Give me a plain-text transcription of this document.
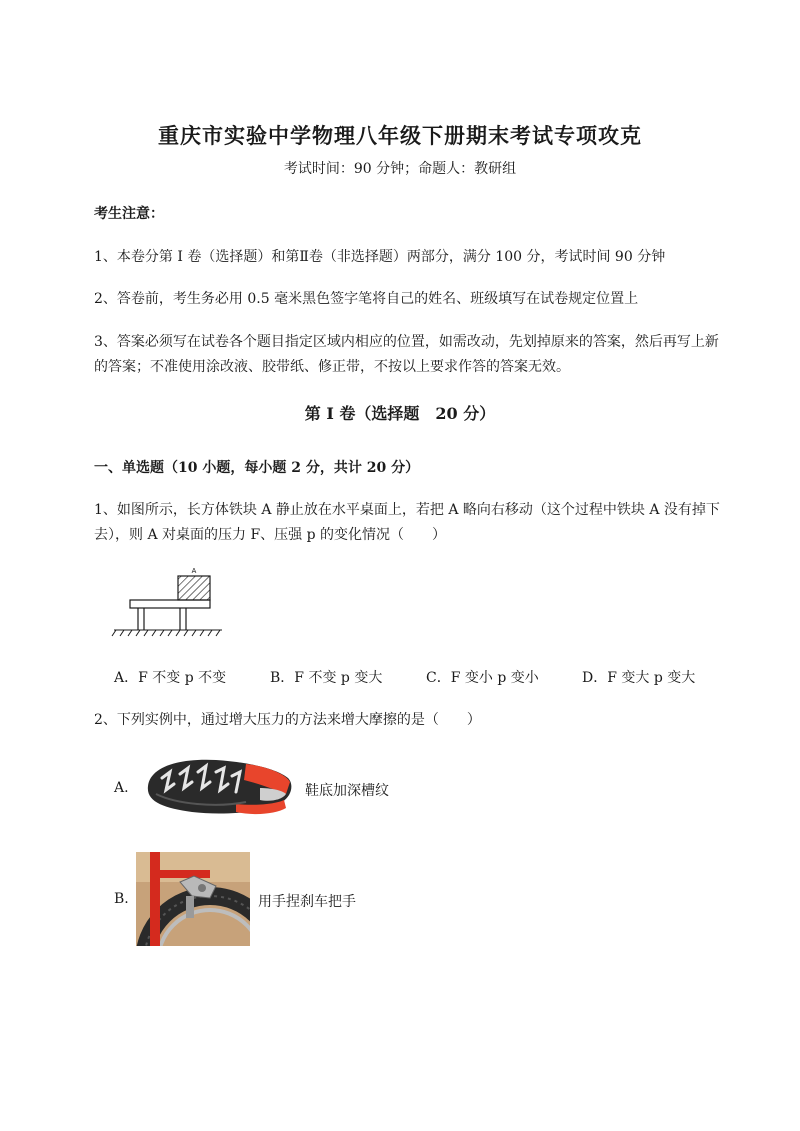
重庆市实验中学物理八年级下册期末考试专项攻克
考试时间：90 分钟；命题人：教研组
考生注意：
1、本卷分第 I 卷（选择题）和第Ⅱ卷（非选择题）两部分，满分 100 分，考试时间 90 分钟
2、答卷前，考生务必用 0.5 毫米黑色签字笔将自己的姓名、班级填写在试卷规定位置上
3、答案必须写在试卷各个题目指定区域内相应的位置，如需改动，先划掉原来的答案，然后再写上新
的答案；不准使用涂改液、胶带纸、修正带，不按以上要求作答的答案无效。
第 I 卷（选择题　20 分）
一、单选题（10 小题，每小题 2 分，共计 20 分）
1、如图所示，长方体铁块 A 静止放在水平桌面上，若把 A 略向右移动（这个过程中铁块 A 没有掉下
去），则 A 对桌面的压力 F、压强 p 的变化情况（　　）
A
A．F 不变 p 不变	B．F 不变 p 变大	C．F 变小 p 变小	D．F 变大 p 变大
2、下列实例中，通过增大压力的方法来增大摩擦的是（　　）
A.	鞋底加深槽纹
B.	用手捏刹车把手
